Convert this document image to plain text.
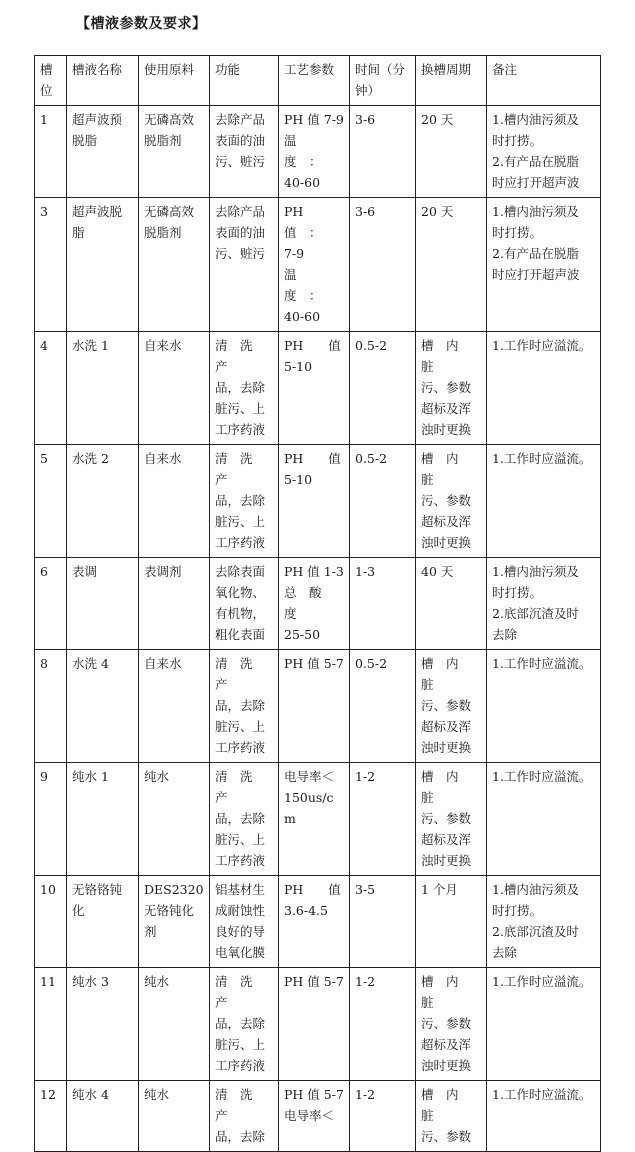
【槽液参数及要求】
槽
位	槽液名称	使用原料	功能	工艺参数	时间（分
钟）	换槽周期	备注
1	超声波预
脱脂	无磷高效
脱脂剂	去除产品
表面的油
污、赃污	PH 值 7-9
温　度　：
40-60	3-6	20 天	1.槽内油污须及
时打捞。
2.有产品在脱脂
时应打开超声波
3	超声波脱
脂	无磷高效
脱脂剂	去除产品
表面的油
污、赃污	PH 值　：
7-9
温　度　：
40-60	3-6	20 天	1.槽内油污须及
时打捞。
2.有产品在脱脂
时应打开超声波
4	水洗 1	自来水	清　洗　产
品，去除
脏污、上
工序药液	PH　　值
5-10	0.5-2	槽　内　脏
污、参数
超标及浑
浊时更换	1.工作时应溢流。
5	水洗 2	自来水	清　洗　产
品，去除
脏污、上
工序药液	PH　　值
5-10	0.5-2	槽　内　脏
污、参数
超标及浑
浊时更换	1.工作时应溢流。
6	表调	表调剂	去除表面
氧化物、
有机物，
粗化表面	PH 值 1-3
总　酸　度
25-50	1-3	40 天	1.槽内油污须及
时打捞。
2.底部沉渣及时
去除
8	水洗 4	自来水	清　洗　产
品，去除
脏污、上
工序药液	PH 值 5-7	0.5-2	槽　内　脏
污、参数
超标及浑
浊时更换	1.工作时应溢流。
9	纯水 1	纯水	清　洗　产
品，去除
脏污、上
工序药液	电导率＜
150us/cm	1-2	槽　内　脏
污、参数
超标及浑
浊时更换	1.工作时应溢流。
10	无铬铬钝
化	DES2320
无铬钝化
剂	铝基材生
成耐蚀性
良好的导
电氧化膜	PH　　值
3.6-4.5	3-5	1 个月	1.槽内油污须及
时打捞。
2.底部沉渣及时
去除
11	纯水 3	纯水	清　洗　产
品，去除
脏污、上
工序药液	PH 值 5-7	1-2	槽　内　脏
污、参数
超标及浑
浊时更换	1.工作时应溢流。
12	纯水 4	纯水	清　洗　产
品，去除	PH 值 5-7
电导率＜	1-2	槽　内　脏
污、参数	1.工作时应溢流。
